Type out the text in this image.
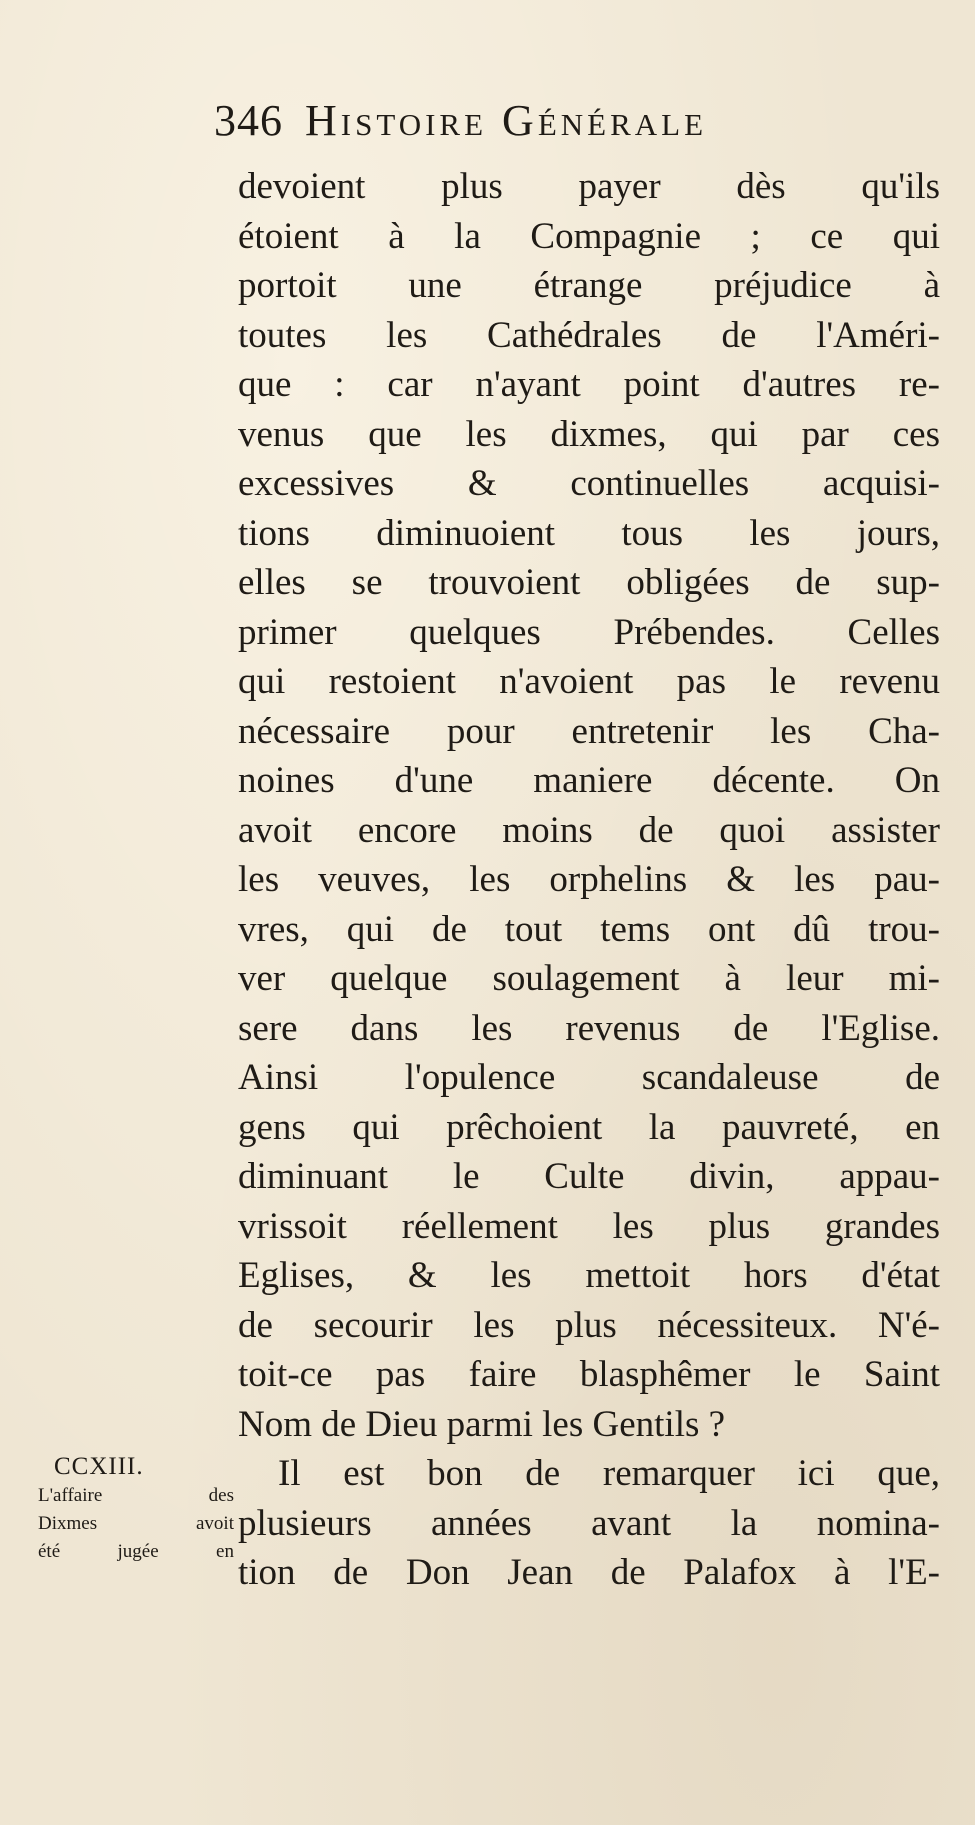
346 Histoire Générale
devoient plus payer dès qu'ils
étoient à la Compagnie ; ce qui
portoit une étrange préjudice à
toutes les Cathédrales de l'Améri-
que : car n'ayant point d'autres re-
venus que les dixmes, qui par ces
excessives & continuelles acquisi-
tions diminuoient tous les jours,
elles se trouvoient obligées de sup-
primer quelques Prébendes. Celles
qui restoient n'avoient pas le revenu
nécessaire pour entretenir les Cha-
noines d'une maniere décente. On
avoit encore moins de quoi assister
les veuves, les orphelins & les pau-
vres, qui de tout tems ont dû trou-
ver quelque soulagement à leur mi-
sere dans les revenus de l'Eglise.
Ainsi l'opulence scandaleuse de
gens qui prêchoient la pauvreté, en
diminuant le Culte divin, appau-
vrissoit réellement les plus grandes
Eglises, & les mettoit hors d'état
de secourir les plus nécessiteux. N'é-
toit-ce pas faire blasphêmer le Saint
Nom de Dieu parmi les Gentils ?
Il est bon de remarquer ici que,
plusieurs années avant la nomina-
tion de Don Jean de Palafox à l'E-
CCXIII.
L'affaire des
Dixmes avoit
été jugée en
